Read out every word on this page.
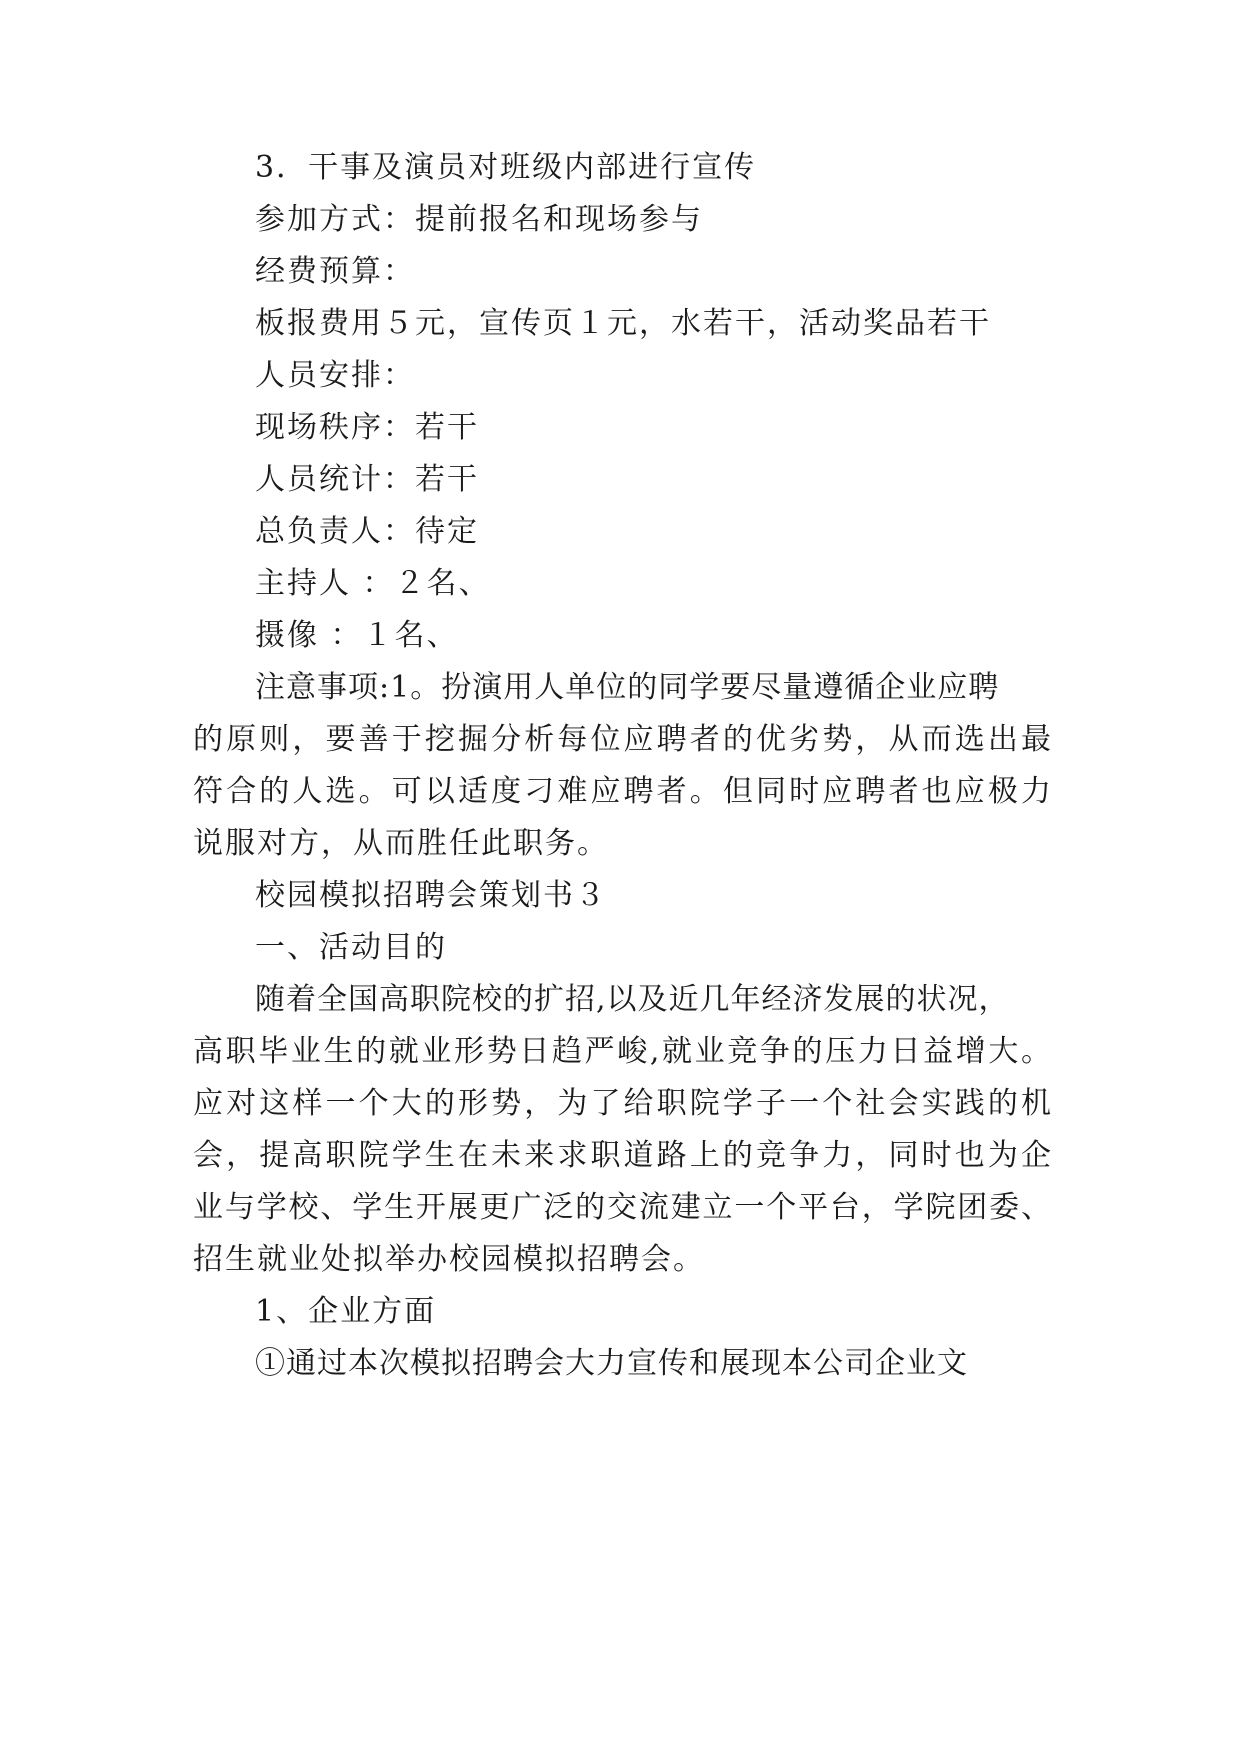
3．干事及演员对班级内部进行宣传
参加方式：提前报名和现场参与
经费预算：
板报费用５元，宣传页１元，水若干，活动奖品若干
人员安排：
现场秩序：若干
人员统计：若干
总负责人：待定
主持人 ：２名、
摄像 ：１名、
注意事项:1。扮演用人单位的同学要尽量遵循企业应聘
的原则，要善于挖掘分析每位应聘者的优劣势，从而选出最
符合的人选。可以适度刁难应聘者。但同时应聘者也应极力
说服对方，从而胜任此职务。
校园模拟招聘会策划书３
一、活动目的
随着全国高职院校的扩招,以及近几年经济发展的状况，
高职毕业生的就业形势日趋严峻,就业竞争的压力日益增大。
应对这样一个大的形势，为了给职院学子一个社会实践的机
会，提高职院学生在未来求职道路上的竞争力，同时也为企
业与学校、学生开展更广泛的交流建立一个平台，学院团委、
招生就业处拟举办校园模拟招聘会。
1、企业方面
①通过本次模拟招聘会大力宣传和展现本公司企业文
